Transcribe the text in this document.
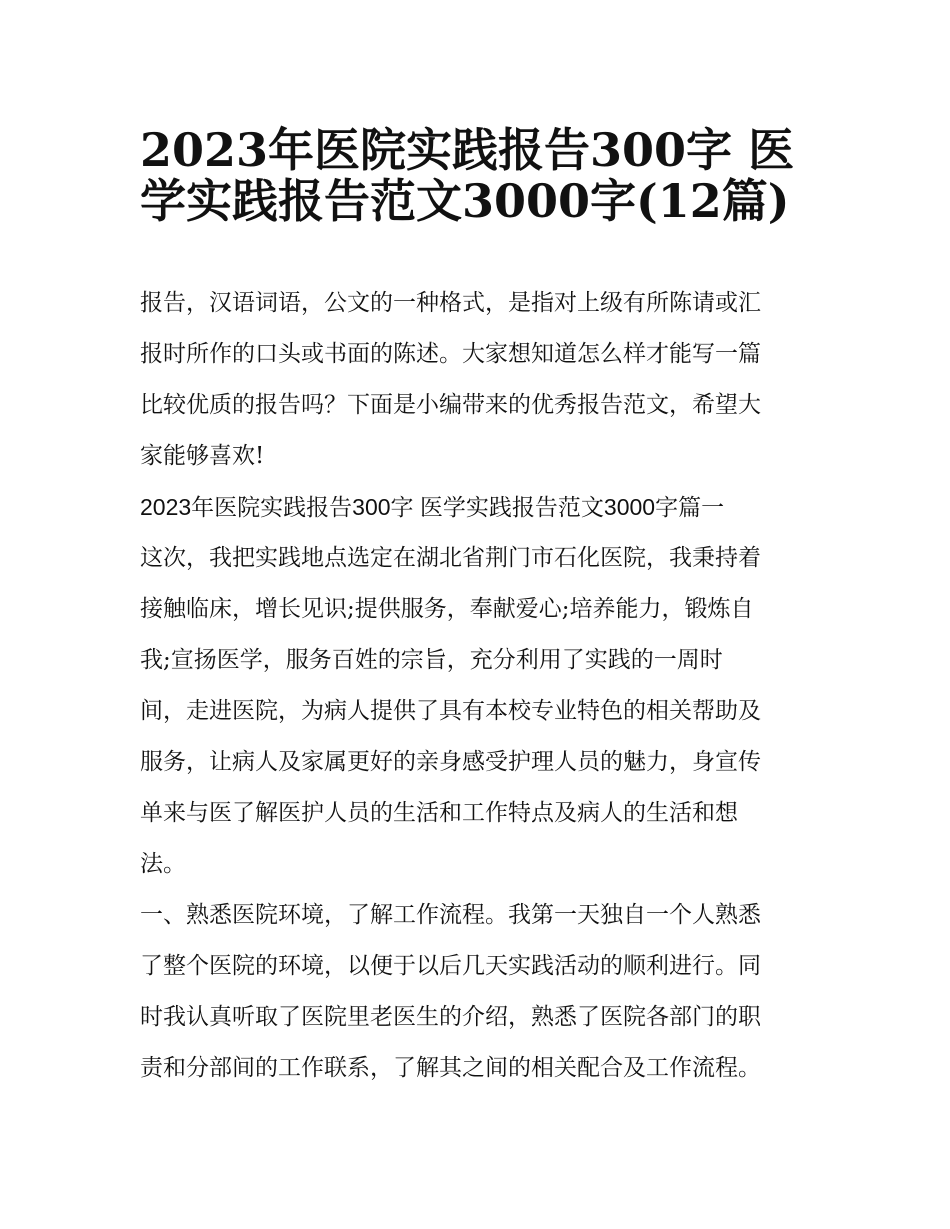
2023年医院实践报告300字 医
学实践报告范文3000字(12篇)

报告，汉语词语，公文的一种格式，是指对上级有所陈请或汇
报时所作的口头或书面的陈述。大家想知道怎么样才能写一篇
比较优质的报告吗？下面是小编带来的优秀报告范文，希望大
家能够喜欢!

2023年医院实践报告300字 医学实践报告范文3000字篇一

这次，我把实践地点选定在湖北省荆门市石化医院，我秉持着
接触临床，增长见识;提供服务，奉献爱心;培养能力，锻炼自
我;宣扬医学，服务百姓的宗旨，充分利用了实践的一周时
间，走进医院，为病人提供了具有本校专业特色的相关帮助及
服务，让病人及家属更好的亲身感受护理人员的魅力，身宣传
单来与医了解医护人员的生活和工作特点及病人的生活和想
法。

一、熟悉医院环境，了解工作流程。我第一天独自一个人熟悉
了整个医院的环境，以便于以后几天实践活动的顺利进行。同
时我认真听取了医院里老医生的介绍，熟悉了医院各部门的职
责和分部间的工作联系，了解其之间的相关配合及工作流程。
